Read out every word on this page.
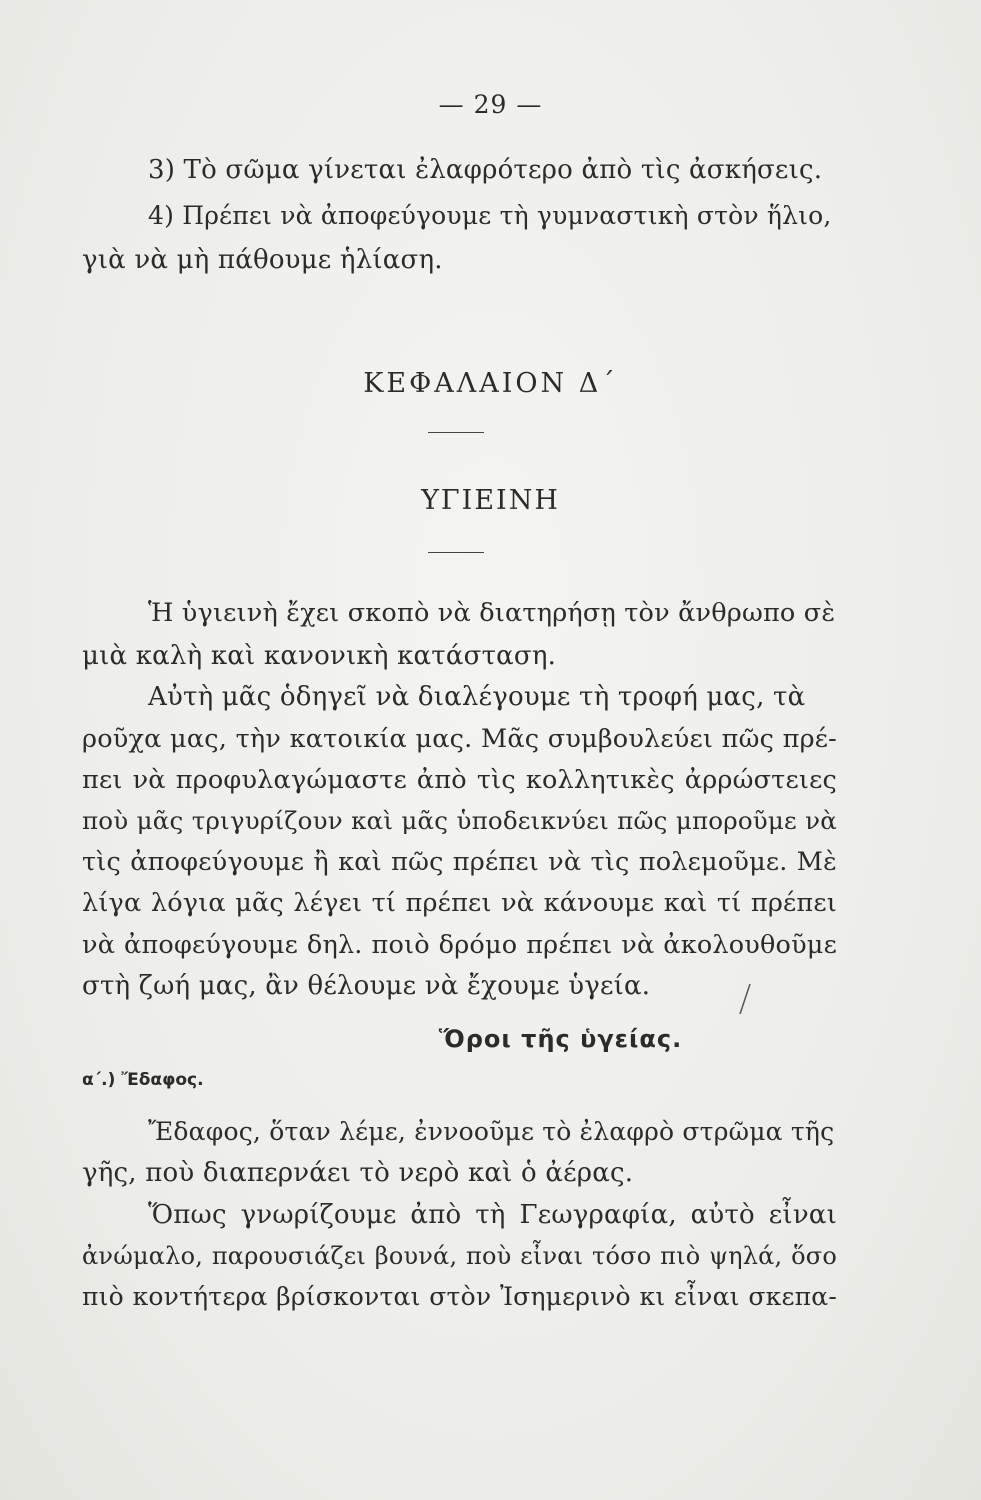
— 29 —
3) Τὸ σῶμα γίνεται ἐλαφρότερο ἀπὸ τὶς ἀσκήσεις.
4) Πρέπει νὰ ἀποφεύγουμε τὴ γυμναστικὴ στὸν ἥλιο,
γιὰ νὰ μὴ πάθουμε ἡλίαση.
ΚΕΦΑΛΑΙΟΝ Δ΄
ΥΓΙΕΙΝΗ
Ἡ ὑγιεινὴ ἔχει σκοπὸ νὰ διατηρήσῃ τὸν ἄνθρωπο σὲ
μιὰ καλὴ καὶ κανονικὴ κατάσταση.
Αὐτὴ μᾶς ὁδηγεῖ νὰ διαλέγουμε τὴ τροφή μας, τὰ
ροῦχα μας, τὴν κατοικία μας. Μᾶς συμβουλεύει πῶς πρέ-
πει νὰ προφυλαγώμαστε ἀπὸ τὶς κολλητικὲς ἀρρώστειες
ποὺ μᾶς τριγυρίζουν καὶ μᾶς ὑποδεικνύει πῶς μποροῦμε νὰ
τὶς ἀποφεύγουμε ἢ καὶ πῶς πρέπει νὰ τὶς πολεμοῦμε. Μὲ
λίγα λόγια μᾶς λέγει τί πρέπει νὰ κάνουμε καὶ τί πρέπει
νὰ ἀποφεύγουμε δηλ. ποιὸ δρόμο πρέπει νὰ ἀκολουθοῦμε
στὴ ζωή μας, ἂν θέλουμε νὰ ἔχουμε ὑγεία.
Ὅροι τῆς ὑγείας.
α΄.) Ἔδαφος.
Ἔδαφος, ὅταν λέμε, ἐννοοῦμε τὸ ἐλαφρὸ στρῶμα τῆς
γῆς, ποὺ διαπερνάει τὸ νερὸ καὶ ὁ ἀέρας.
Ὅπως γνωρίζουμε ἀπὸ τὴ Γεωγραφία, αὐτὸ εἶναι
ἀνώμαλο, παρουσιάζει βουνά, ποὺ εἶναι τόσο πιὸ ψηλά, ὅσο
πιὸ κοντήτερα βρίσκονται στὸν Ἰσημερινὸ κι εἶναι σκεπα-
